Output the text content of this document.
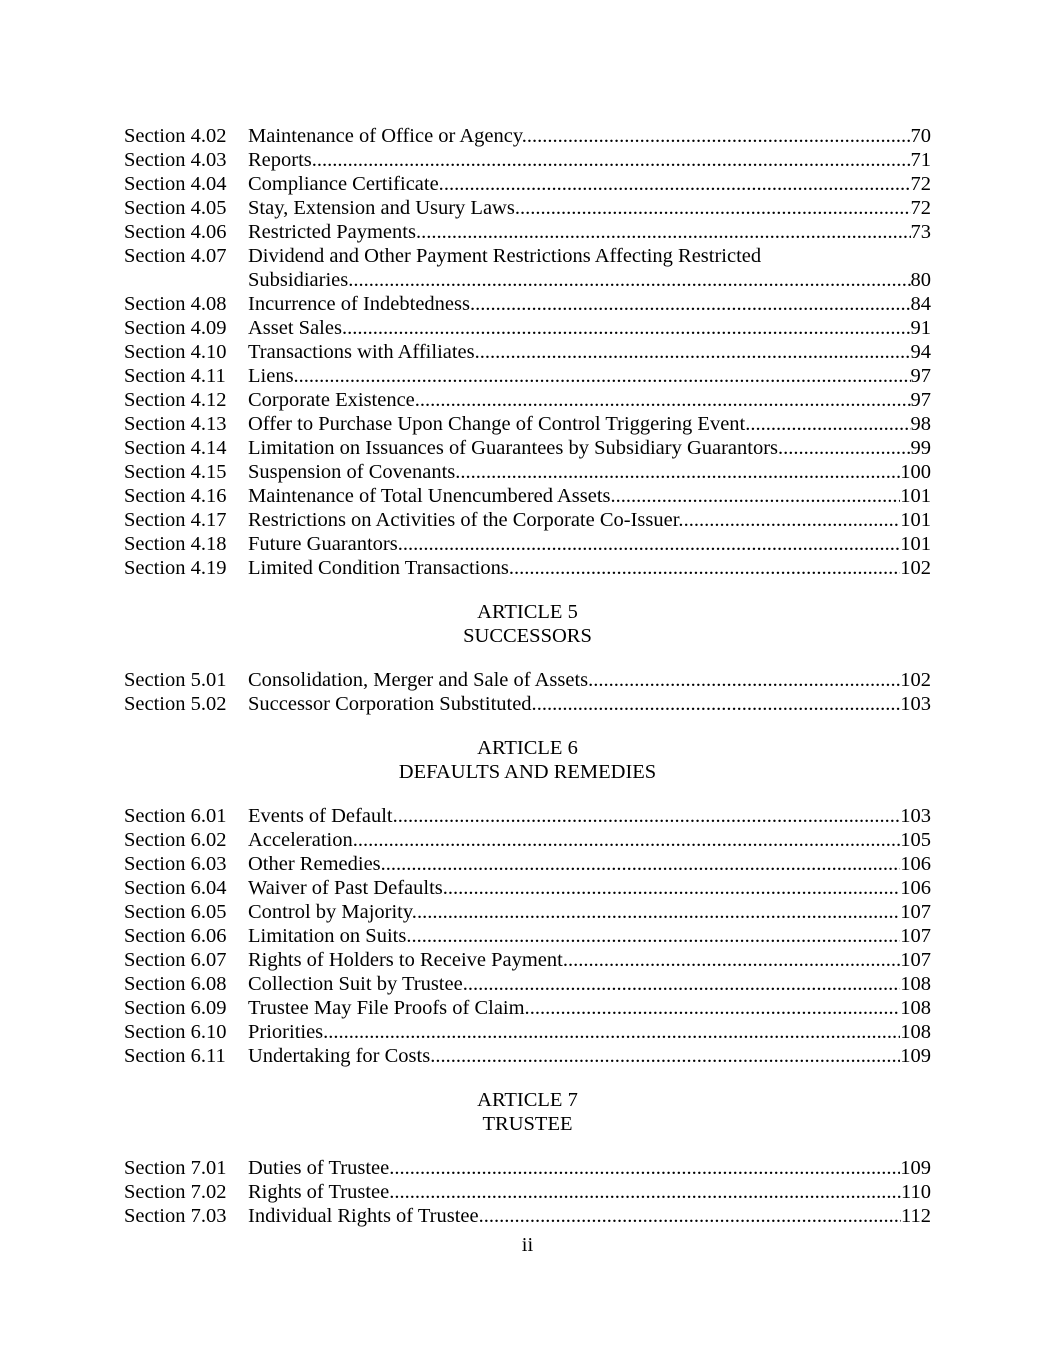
Section 4.02	Maintenance of Office or Agency. .....	70
Section 4.03	Reports. .....	71
Section 4.04	Compliance Certificate. .....	72
Section 4.05	Stay, Extension and Usury Laws. .....	72
Section 4.06	Restricted Payments. .....	73
Section 4.07	Dividend and Other Payment Restrictions Affecting Restricted
Subsidiaries. .....	80
Section 4.08	Incurrence of Indebtedness. .....	84
Section 4.09	Asset Sales. .....	91
Section 4.10	Transactions with Affiliates. .....	94
Section 4.11	Liens. .....	97
Section 4.12	Corporate Existence. .....	97
Section 4.13	Offer to Purchase Upon Change of Control Triggering Event. .....	98
Section 4.14	Limitation on Issuances of Guarantees by Subsidiary Guarantors. .....	99
Section 4.15	Suspension of Covenants. .....	100
Section 4.16	Maintenance of Total Unencumbered Assets. .....	101
Section 4.17	Restrictions on Activities of the Corporate Co-Issuer. .....	101
Section 4.18	Future Guarantors. .....	101
Section 4.19	Limited Condition Transactions. .....	102
ARTICLE 5
SUCCESSORS
Section 5.01	Consolidation, Merger and Sale of Assets. .....	102
Section 5.02	Successor Corporation Substituted. .....	103
ARTICLE 6
DEFAULTS AND REMEDIES
Section 6.01	Events of Default. .....	103
Section 6.02	Acceleration. .....	105
Section 6.03	Other Remedies. .....	106
Section 6.04	Waiver of Past Defaults. .....	106
Section 6.05	Control by Majority. .....	107
Section 6.06	Limitation on Suits. .....	107
Section 6.07	Rights of Holders to Receive Payment. .....	107
Section 6.08	Collection Suit by Trustee. .....	108
Section 6.09	Trustee May File Proofs of Claim. .....	108
Section 6.10	Priorities. .....	108
Section 6.11	Undertaking for Costs. .....	109
ARTICLE 7
TRUSTEE
Section 7.01	Duties of Trustee. .....	109
Section 7.02	Rights of Trustee. .....	110
Section 7.03	Individual Rights of Trustee. .....	112
ii
